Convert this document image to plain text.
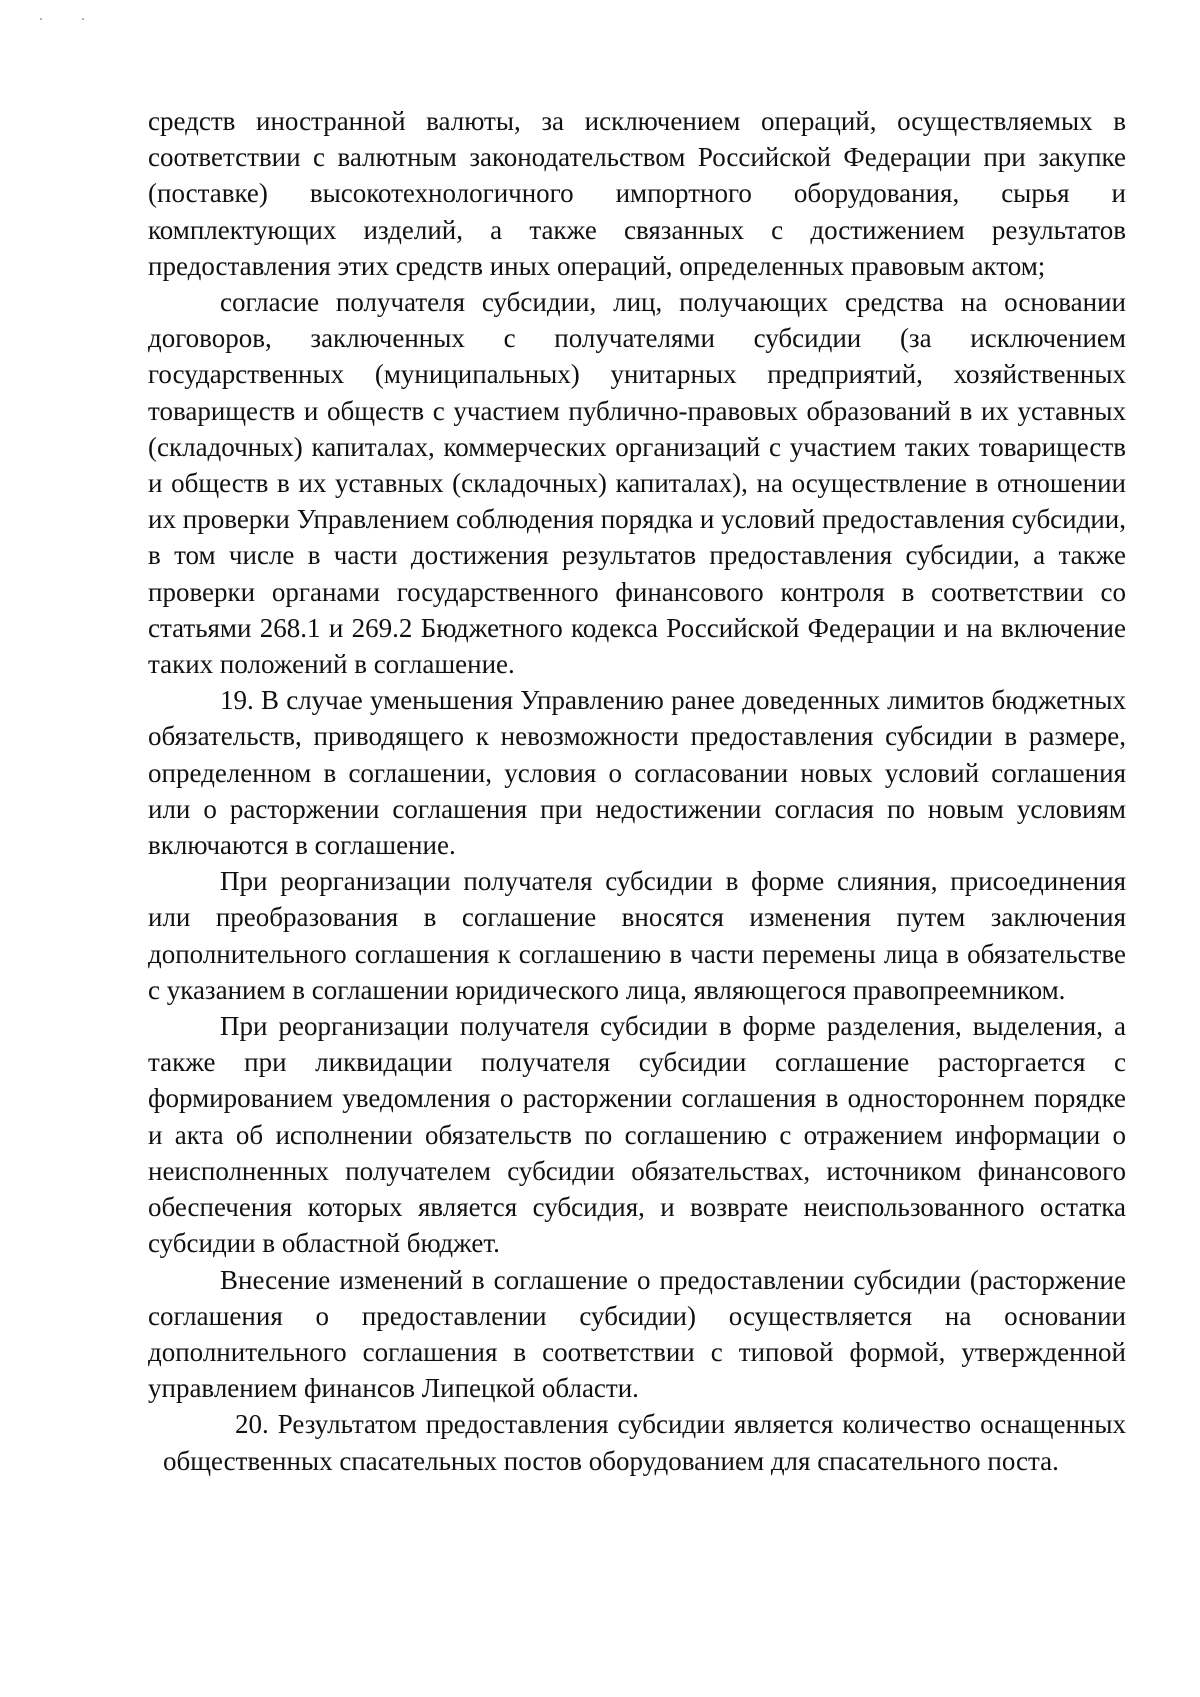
средств иностранной валюты, за исключением операций, осуществляемых в соответствии с валютным законодательством Российской Федерации при закупке (поставке) высокотехнологичного импортного оборудования, сырья и комплектующих изделий, а также связанных с достижением результатов предоставления этих средств иных операций, определенных правовым актом;

согласие получателя субсидии, лиц, получающих средства на основании договоров, заключенных с получателями субсидии (за исключением государственных (муниципальных) унитарных предприятий, хозяйственных товариществ и обществ с участием публично-правовых образований в их уставных (складочных) капиталах, коммерческих организаций с участием таких товариществ и обществ в их уставных (складочных) капиталах), на осуществление в отношении их проверки Управлением соблюдения порядка и условий предоставления субсидии, в том числе в части достижения результатов предоставления субсидии, а также проверки органами государственного финансового контроля в соответствии со статьями 268.1 и 269.2 Бюджетного кодекса Российской Федерации и на включение таких положений в соглашение.

19. В случае уменьшения Управлению ранее доведенных лимитов бюджетных обязательств, приводящего к невозможности предоставления субсидии в размере, определенном в соглашении, условия о согласовании новых условий соглашения или о расторжении соглашения при недостижении согласия по новым условиям включаются в соглашение.

При реорганизации получателя субсидии в форме слияния, присоединения или преобразования в соглашение вносятся изменения путем заключения дополнительного соглашения к соглашению в части перемены лица в обязательстве с указанием в соглашении юридического лица, являющегося правопреемником.

При реорганизации получателя субсидии в форме разделения, выделения, а также при ликвидации получателя субсидии соглашение расторгается с формированием уведомления о расторжении соглашения в одностороннем порядке и акта об исполнении обязательств по соглашению с отражением информации о неисполненных получателем субсидии обязательствах, источником финансового обеспечения которых является субсидия, и возврате неиспользованного остатка субсидии в областной бюджет.

Внесение изменений в соглашение о предоставлении субсидии (расторжение соглашения о предоставлении субсидии) осуществляется на основании дополнительного соглашения в соответствии с типовой формой, утвержденной управлением финансов Липецкой области.

20. Результатом предоставления субсидии является количество оснащенных общественных спасательных постов оборудованием для спасательного поста.
